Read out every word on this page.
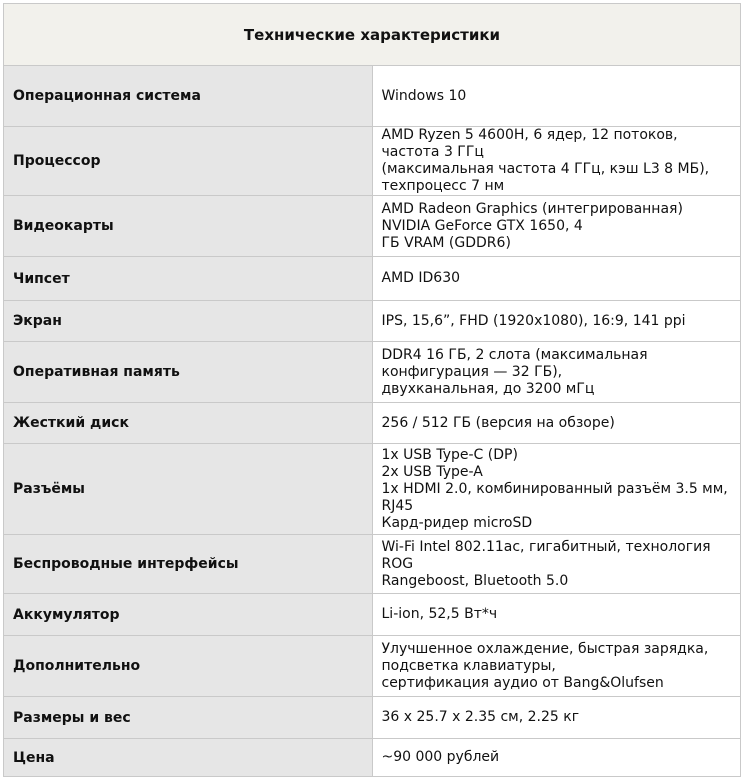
Технические характеристики	
Операционная система	Windows 10

Процессор	AMD Ryzen 5 4600H, 6 ядер, 12 потоков, частота 3 ГГц
(максимальная частота 4 ГГц, кэш L3 8 МБ), техпроцесс 7 нм

Видеокарты	AMD Radeon Graphics (интегрированная) NVIDIA GeForce GTX 1650, 4
ГБ VRAM (GDDR6)

Чипсет	AMD ID630

Экран	IPS, 15,6”, FHD (1920x1080), 16:9, 141 ppi

Оперативная память	DDR4 16 ГБ, 2 слота (максимальная конфигурация — 32 ГБ),
двухканальная, до 3200 мГц

Жесткий диск	256 / 512 ГБ (версия на обзоре)

Разъёмы	1x USB Type-C (DP)
2x USB Type-A
1x HDMI 2.0, комбинированный разъём 3.5 мм, RJ45
Кард-ридер microSD

Беспроводные интерфейсы	Wi-Fi Intel 802.11ac, гигабитный, технология ROG
Rangeboost, Bluetooth 5.0

Аккумулятор	Li-ion, 52,5 Вт*ч

Дополнительно	Улучшенное охлаждение, быстрая зарядка, подсветка клавиатуры,
сертификация аудио от Bang&Olufsen

Размеры и вес	36 x 25.7 x 2.35 см, 2.25 кг

Цена	~90 000 рублей
